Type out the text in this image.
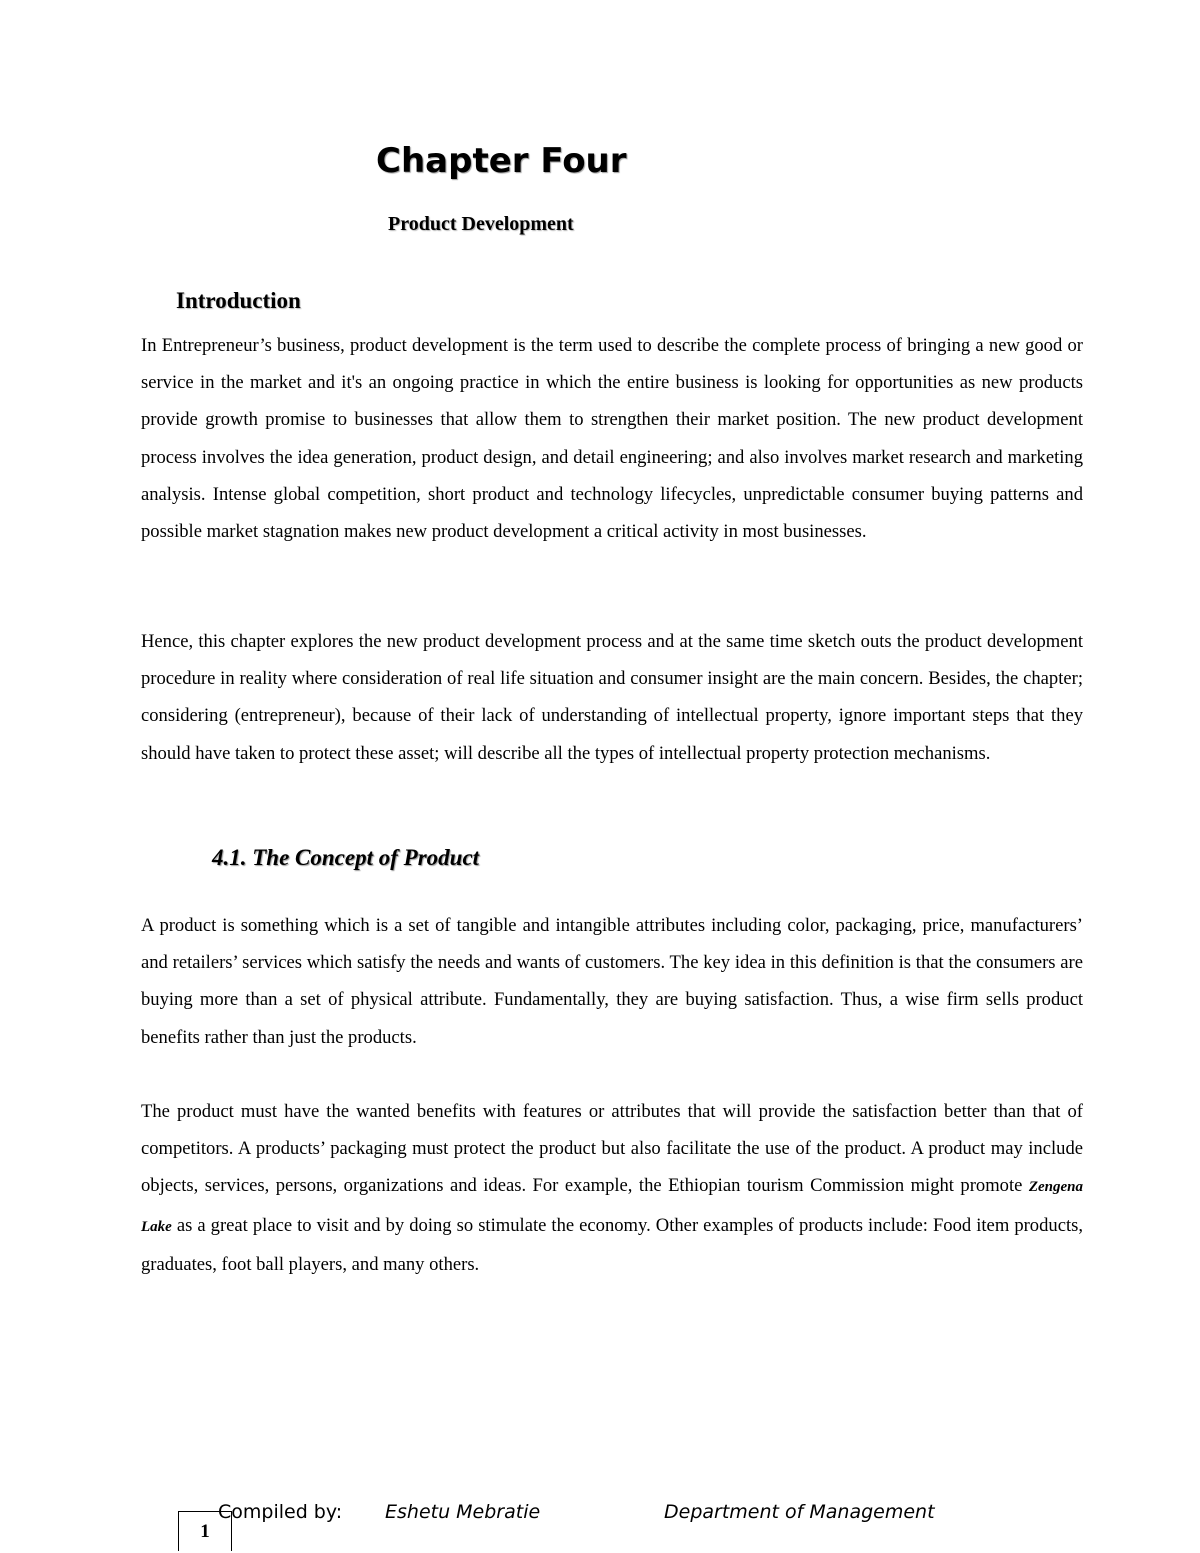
Chapter Four
Product Development
Introduction

In Entrepreneur’s business, product development is the term used to describe the complete process of bringing a new good or service in the market and it's an ongoing practice in which the entire business is looking for opportunities as new products provide growth promise to businesses that allow them to strengthen their market position. The new product development process involves the idea generation, product design, and detail engineering; and also involves market research and marketing analysis. Intense global competition, short product and technology lifecycles, unpredictable consumer buying patterns and possible market stagnation makes new product development a critical activity in most businesses.

Hence, this chapter explores the new product development process and at the same time sketch outs the product development procedure in reality where consideration of real life situation and consumer insight are the main concern. Besides, the chapter; considering (entrepreneur), because of their lack of understanding of intellectual property, ignore important steps that they should have taken to protect these asset; will describe all the types of intellectual property protection mechanisms.

4.1. The Concept of Product

A product is something which is a set of tangible and intangible attributes including color, packaging, price, manufacturers’ and retailers’ services which satisfy the needs and wants of customers. The key idea in this definition is that the consumers are buying more than a set of physical attribute. Fundamentally, they are buying satisfaction. Thus, a wise firm sells product benefits rather than just the products.

The product must have the wanted benefits with features or attributes that will provide the satisfaction better than that of competitors. A products’ packaging must protect the product but also facilitate the use of the product. A product may include objects, services, persons, organizations and ideas. For example, the Ethiopian tourism Commission might promote Zengena Lake as a great place to visit and by doing so stimulate the economy. Other examples of products include: Food item products, graduates, foot ball players, and many others.

Compiled by: Eshetu Mebratie	Department of Management
1
